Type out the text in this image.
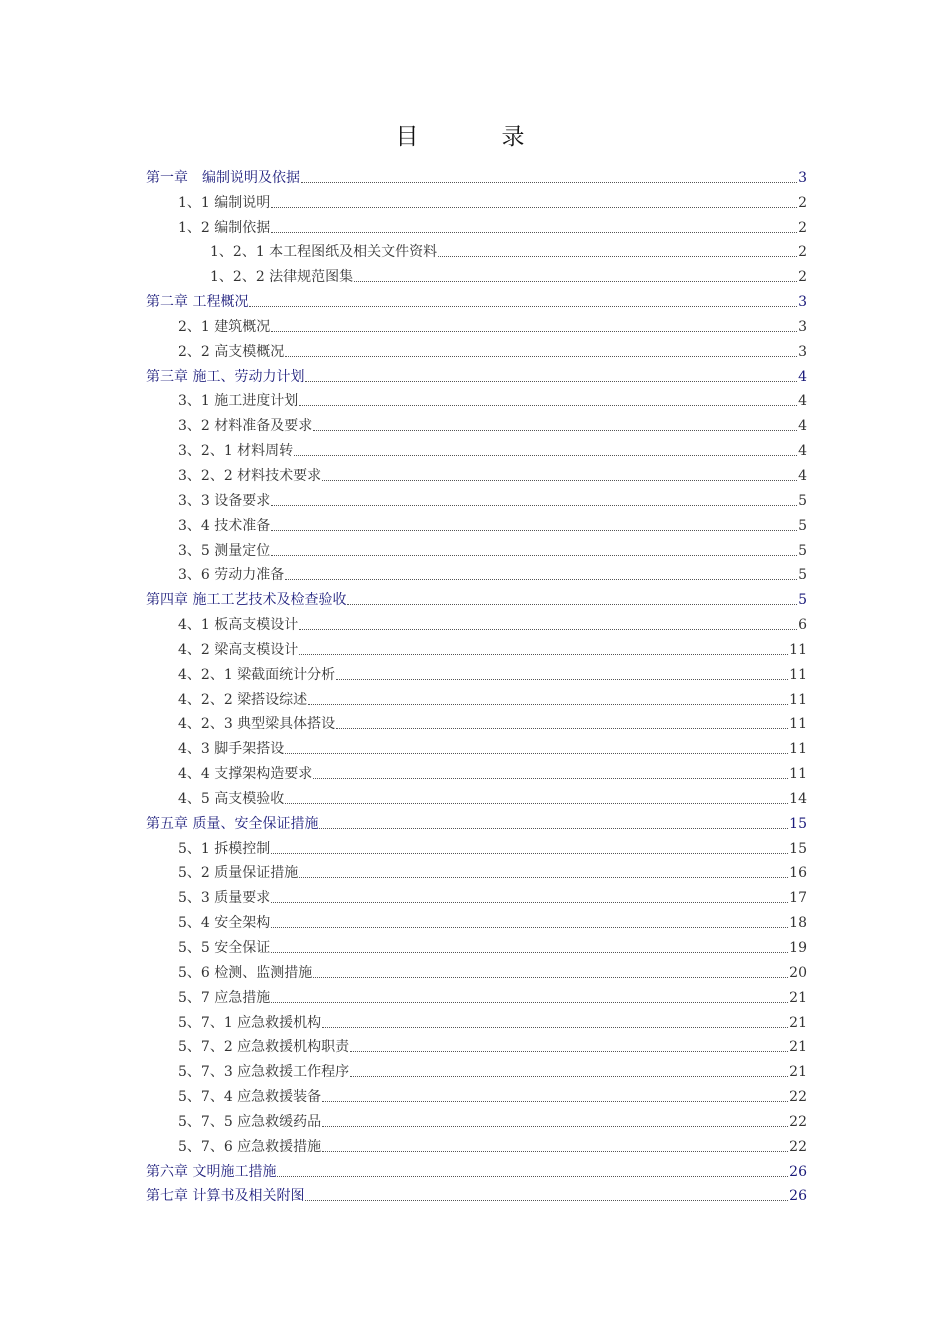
目　录
第一章　编制说明及依据	3
1、1 编制说明	2
1、2 编制依据	2
1、2、1 本工程图纸及相关文件资料	2
1、2、2 法律规范图集	2
第二章 工程概况	3
2、1 建筑概况	3
2、2 高支模概况	3
第三章 施工、劳动力计划	4
3、1 施工进度计划	4
3、2 材料准备及要求	4
3、2、1 材料周转	4
3、2、2 材料技术要求	4
3、3 设备要求	5
3、4 技术准备	5
3、5 测量定位	5
3、6 劳动力准备	5
第四章 施工工艺技术及检查验收	5
4、1 板高支模设计	6
4、2 梁高支模设计	11
4、2、1 梁截面统计分析	11
4、2、2 梁搭设综述	11
4、2、3 典型梁具体搭设	11
4、3 脚手架搭设	11
4、4 支撑架构造要求	11
4、5 高支模验收	14
第五章 质量、安全保证措施	15
5、1 拆模控制	15
5、2 质量保证措施	16
5、3 质量要求	17
5、4 安全架构	18
5、5 安全保证	19
5、6 检测、监测措施	20
5、7 应急措施	21
5、7、1 应急救援机构	21
5、7、2 应急救援机构职责	21
5、7、3 应急救援工作程序	21
5、7、4 应急救援装备	22
5、7、5 应急救缓药品	22
5、7、6 应急救援措施	22
第六章 文明施工措施	26
第七章 计算书及相关附图	26
